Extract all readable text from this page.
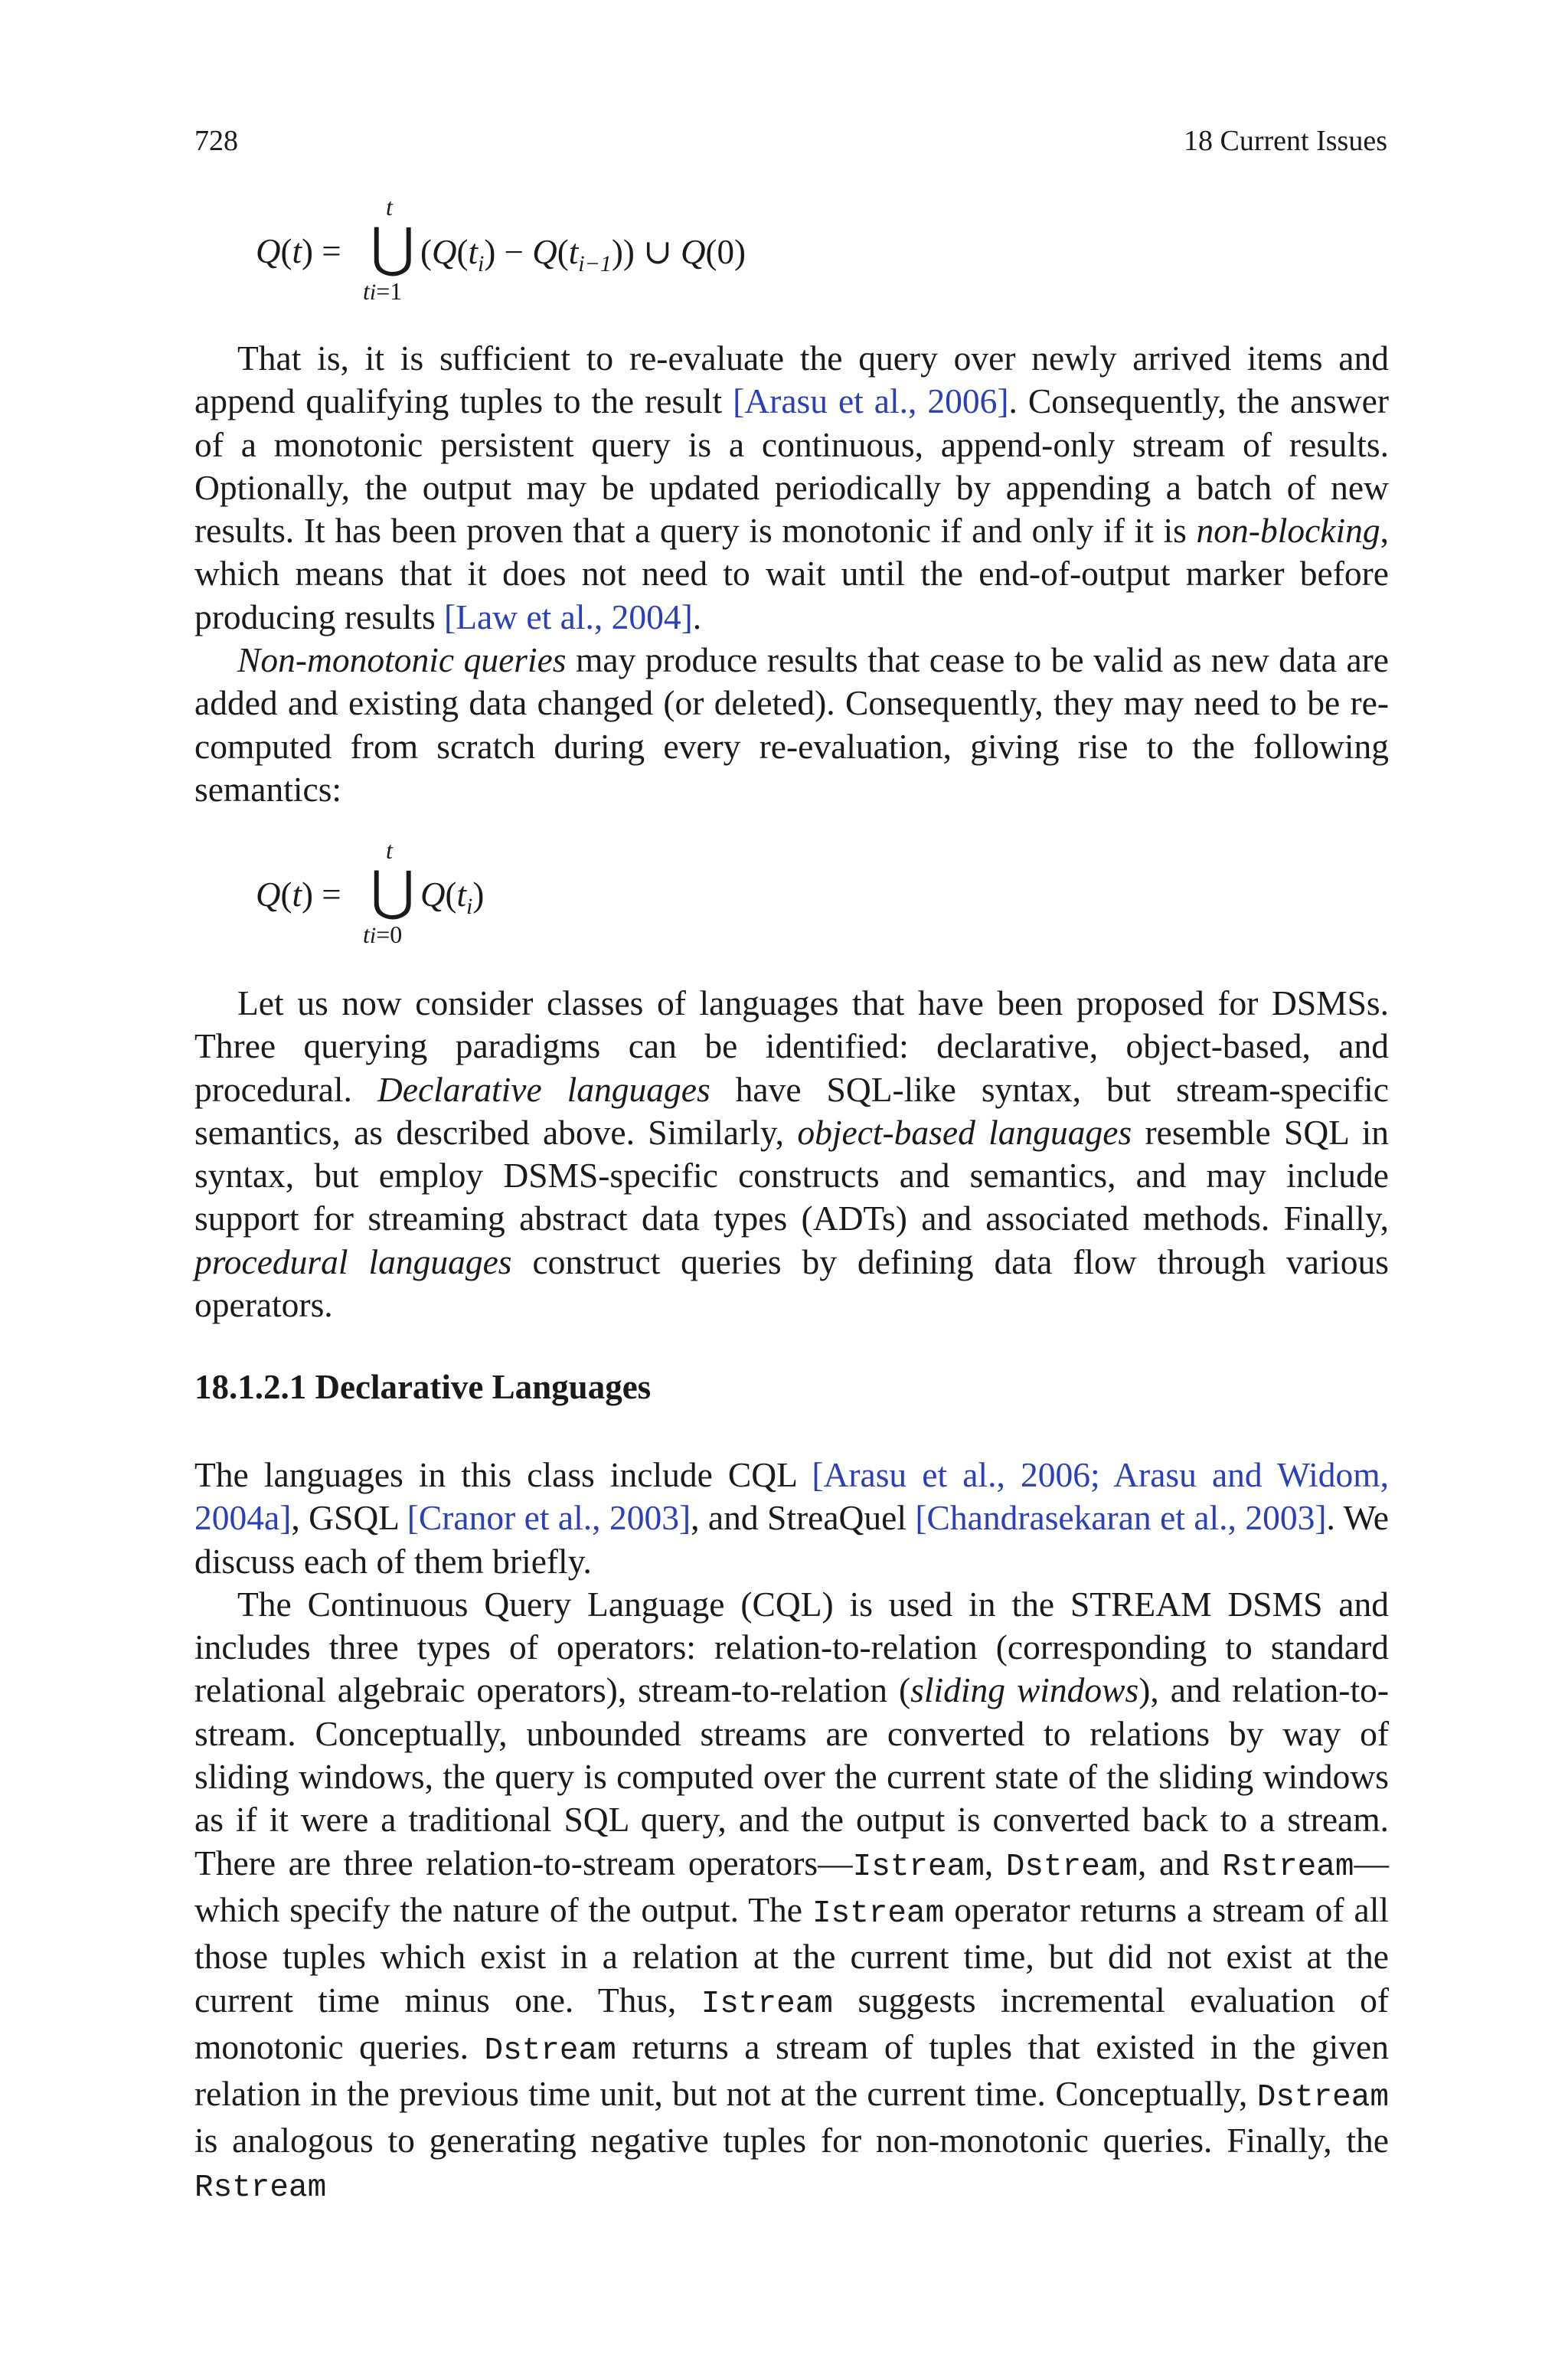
728	18 Current Issues
Q(t) =
t
⋃
ti=1
$(Q(t_i) - Q(t_{i-1}))$ ∪ Q(0)

That is, it is sufficient to re-evaluate the query over newly arrived items and append qualifying tuples to the result [Arasu et al., 2006]. Consequently, the answer of a monotonic persistent query is a continuous, append-only stream of results. Optionally, the output may be updated periodically by appending a batch of new results. It has been proven that a query is monotonic if and only if it is non-blocking, which means that it does not need to wait until the end-of-output marker before producing results [Law et al., 2004].

Non-monotonic queries may produce results that cease to be valid as new data are added and existing data changed (or deleted). Consequently, they may need to be re-computed from scratch during every re-evaluation, giving rise to the following semantics:

Q(t) =
t
⋃
ti=0
$Q(t_i)$

Let us now consider classes of languages that have been proposed for DSMSs. Three querying paradigms can be identified: declarative, object-based, and procedural. Declarative languages have SQL-like syntax, but stream-specific semantics, as described above. Similarly, object-based languages resemble SQL in syntax, but employ DSMS-specific constructs and semantics, and may include support for streaming abstract data types (ADTs) and associated methods. Finally, procedural languages construct queries by defining data flow through various operators.

18.1.2.1 Declarative Languages

The languages in this class include CQL [Arasu et al., 2006; Arasu and Widom, 2004a], GSQL [Cranor et al., 2003], and StreaQuel [Chandrasekaran et al., 2003]. We discuss each of them briefly.

The Continuous Query Language (CQL) is used in the STREAM DSMS and includes three types of operators: relation-to-relation (corresponding to standard relational algebraic operators), stream-to-relation (sliding windows), and relation-to-stream. Conceptually, unbounded streams are converted to relations by way of sliding windows, the query is computed over the current state of the sliding windows as if it were a traditional SQL query, and the output is converted back to a stream. There are three relation-to-stream operators—Istream, Dstream, and Rstream—which specify the nature of the output. The Istream operator returns a stream of all those tuples which exist in a relation at the current time, but did not exist at the current time minus one. Thus, Istream suggests incremental evaluation of monotonic queries. Dstream returns a stream of tuples that existed in the given relation in the previous time unit, but not at the current time. Conceptually, Dstream is analogous to generating negative tuples for non-monotonic queries. Finally, the Rstream
